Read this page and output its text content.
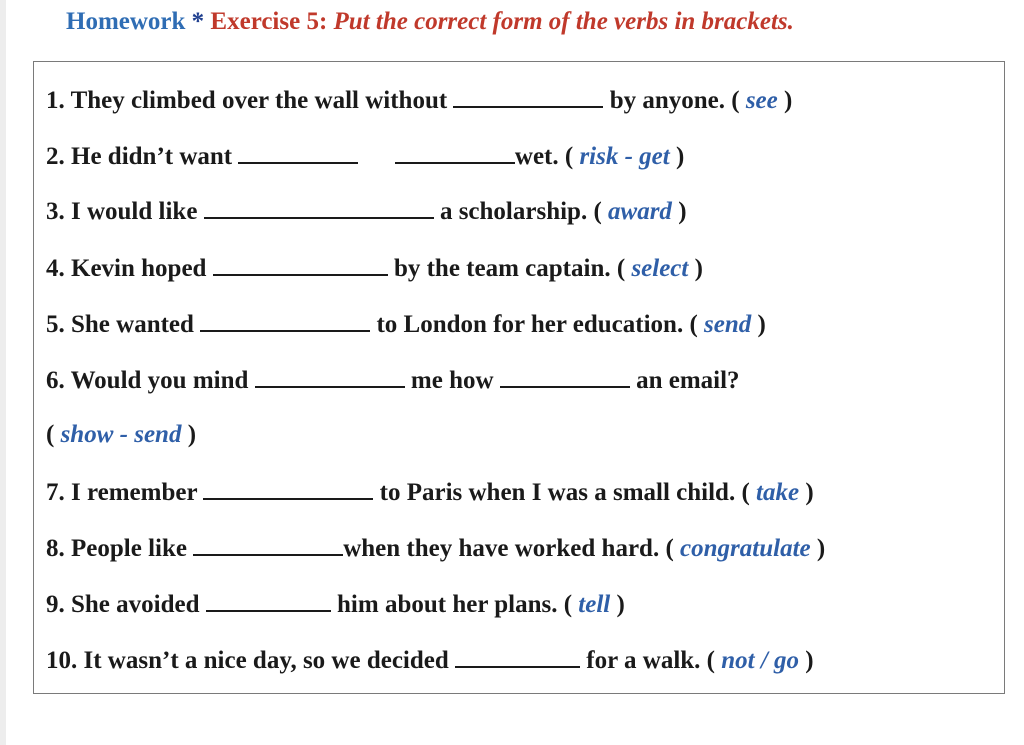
Homework * Exercise 5: Put the correct form of the verbs in brackets.
1. They climbed over the wall without	by anyone. ( see )
2. He didn’t want	wet. ( risk - get )
3. I would like	a scholarship. ( award )
4. Kevin hoped	by the team captain. ( select )
5. She wanted	to London for her education. ( send )
6. Would you mind	me how	an email?
( show - send )
7. I remember	to Paris when I was a small child. ( take )
8. People like	when they have worked hard. ( congratulate )
9. She avoided	him about her plans. ( tell )
10. It wasn’t a nice day, so we decided	for a walk. ( not / go )
